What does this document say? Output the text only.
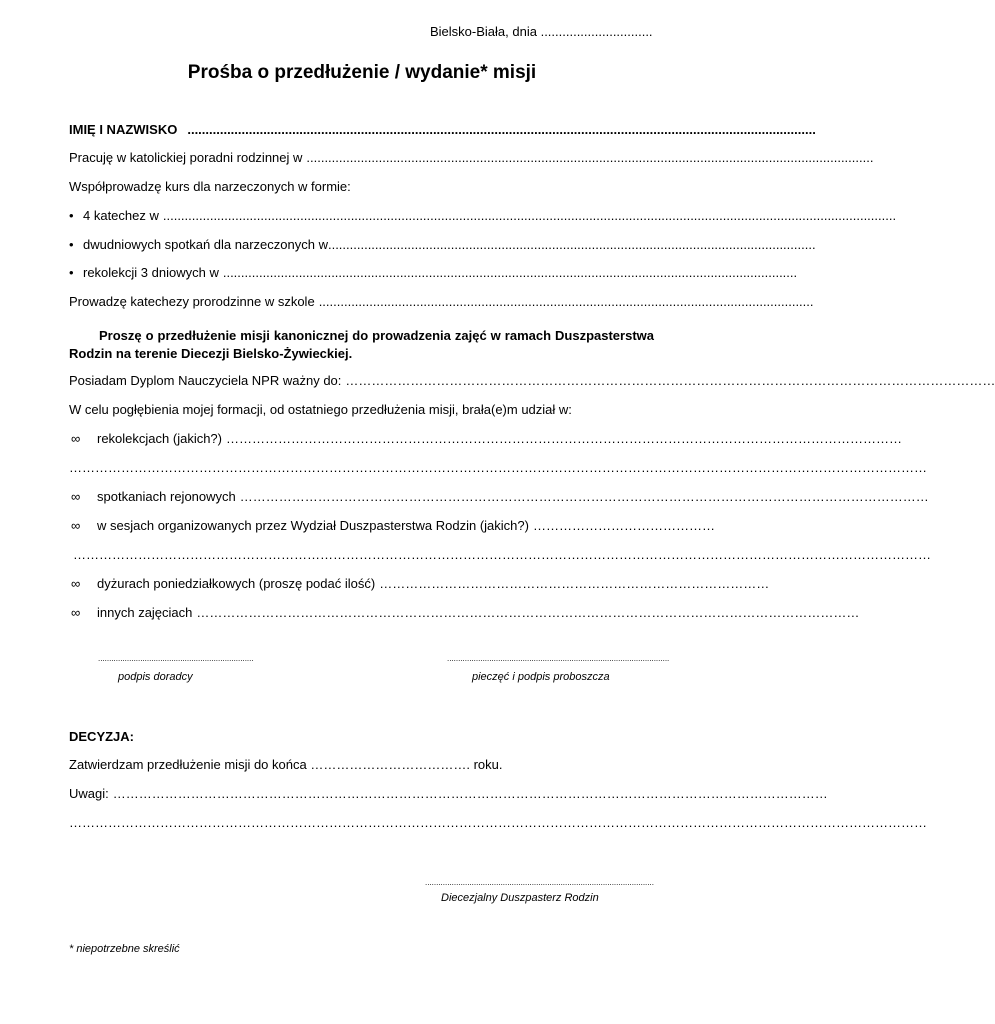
Bielsko-Biała, dnia ...............................
Prośba o przedłużenie / wydanie* misji
IMIĘ I NAZWISKO ..............................................................................................................................................................................
Pracuję w katolickiej poradni rodzinnej w .............................................................................................................................................................
Współprowadzę kurs dla narzeczonych w formie:
• 4 katechez w ...........................................................................................................................................................................................................
• dwudniowych spotkań dla narzeczonych w .......................................................................................................................................
• rekolekcji 3 dniowych w ...............................................................................................................................................................
Prowadzę katechezy prorodzinne w szkole .........................................................................................................................................
Proszę o przedłużenie misji kanonicznej do prowadzenia zajęć w ramach Duszpasterstwa Rodzin na terenie Diecezji Bielsko-Żywieckiej.
Posiadam Dyplom Nauczyciela NPR ważny do: ……………………………………………………………………………………………………………………………………
W celu pogłębienia mojej formacji, od ostatniego przedłużenia misji, brała(e)m udział w:
∞ rekolekcjach (jakich?) …………………………………………………………………………………………………………………………………………
………………………………………………………………………………………………………………………………………………………………………………
∞ spotkaniach rejonowych ……………………………………………………………………………………………………………………………………………
∞ w sesjach organizowanych przez Wydział Duszpasterstwa Rodzin (jakich?) ……………………………………
………………………………………………………………………………………………………………………………………………………………………………
∞ dyżurach poniedziałkowych (proszę podać ilość) ………………………………………………………………………………
∞ innych zajęciach ………………………………………………………………………………………………………………………………………
......................................................................
podpis doradcy
....................................................................................................
pieczęć i podpis proboszcza
DECYZJA:
Zatwierdzam przedłużenie misji do końca ………………………………. roku.
Uwagi: …………………………………………………………………………………………………………………………………………………
………………………………………………………………………………………………………………………………………………………………………………
.......................................................................................................
Diecezjalny Duszpasterz Rodzin
* niepotrzebne skreślić
